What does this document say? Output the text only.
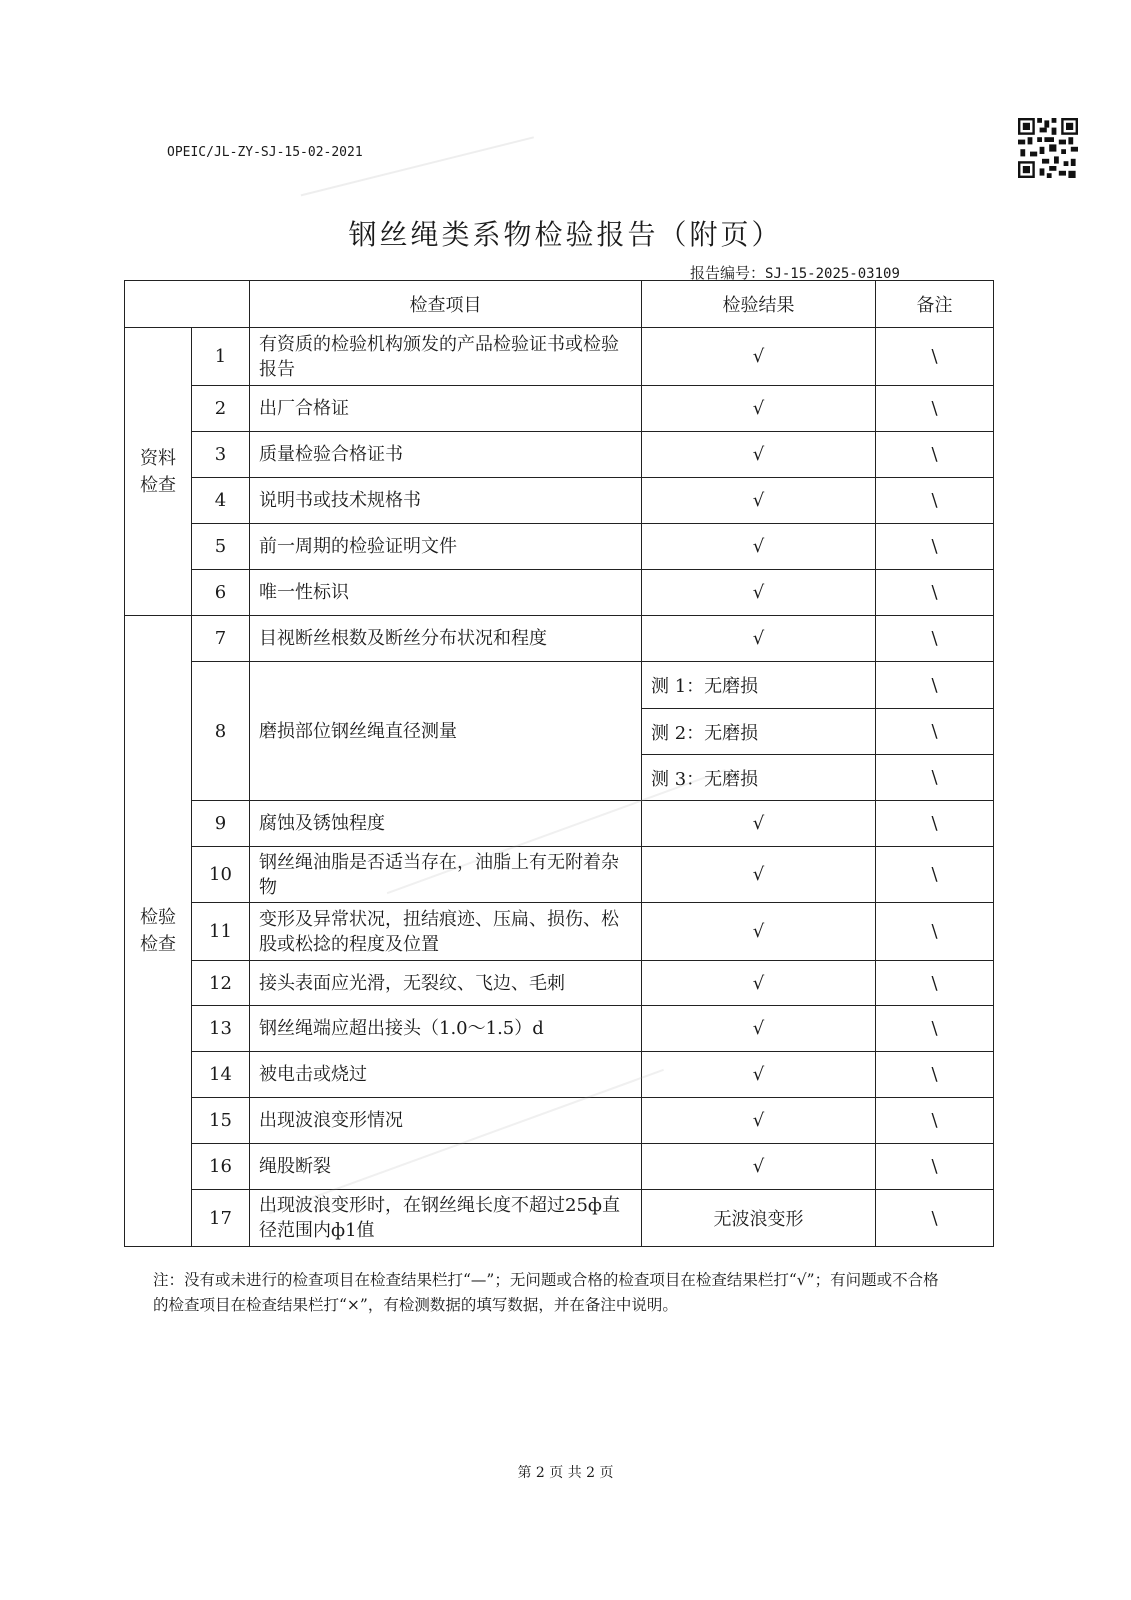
OPEIC/JL-ZY-SJ-15-02-2021
钢丝绳类系物检验报告（附页）
报告编号：SJ-15-2025-03109
		检查项目	检验结果	备注
资料
检查	1	有资质的检验机构颁发的产品检验证书或检验报告	√	\
	2	出厂合格证	√	\
	3	质量检验合格证书	√	\
	4	说明书或技术规格书	√	\
	5	前一周期的检验证明文件	√	\
	6	唯一性标识	√	\
检验
检查	7	目视断丝根数及断丝分布状况和程度	√	\
	8	磨损部位钢丝绳直径测量	测 1：无磨损	\
			测 2：无磨损	\
			测 3：无磨损	\
	9	腐蚀及锈蚀程度	√	\
	10	钢丝绳油脂是否适当存在，油脂上有无附着杂物	√	\
	11	变形及异常状况，扭结痕迹、压扁、损伤、松股或松捻的程度及位置	√	\
	12	接头表面应光滑，无裂纹、飞边、毛刺	√	\
	13	钢丝绳端应超出接头（1.0～1.5）d	√	\
	14	被电击或烧过	√	\
	15	出现波浪变形情况	√	\
	16	绳股断裂	√	\
	17	出现波浪变形时，在钢丝绳长度不超过25ф直径范围内ф1值	无波浪变形	\
注：没有或未进行的检查项目在检查结果栏打“—”；无问题或合格的检查项目在检查结果栏打“√”；有问题或不合格的检查项目在检查结果栏打“×”，有检测数据的填写数据，并在备注中说明。
第 2 页 共 2 页
